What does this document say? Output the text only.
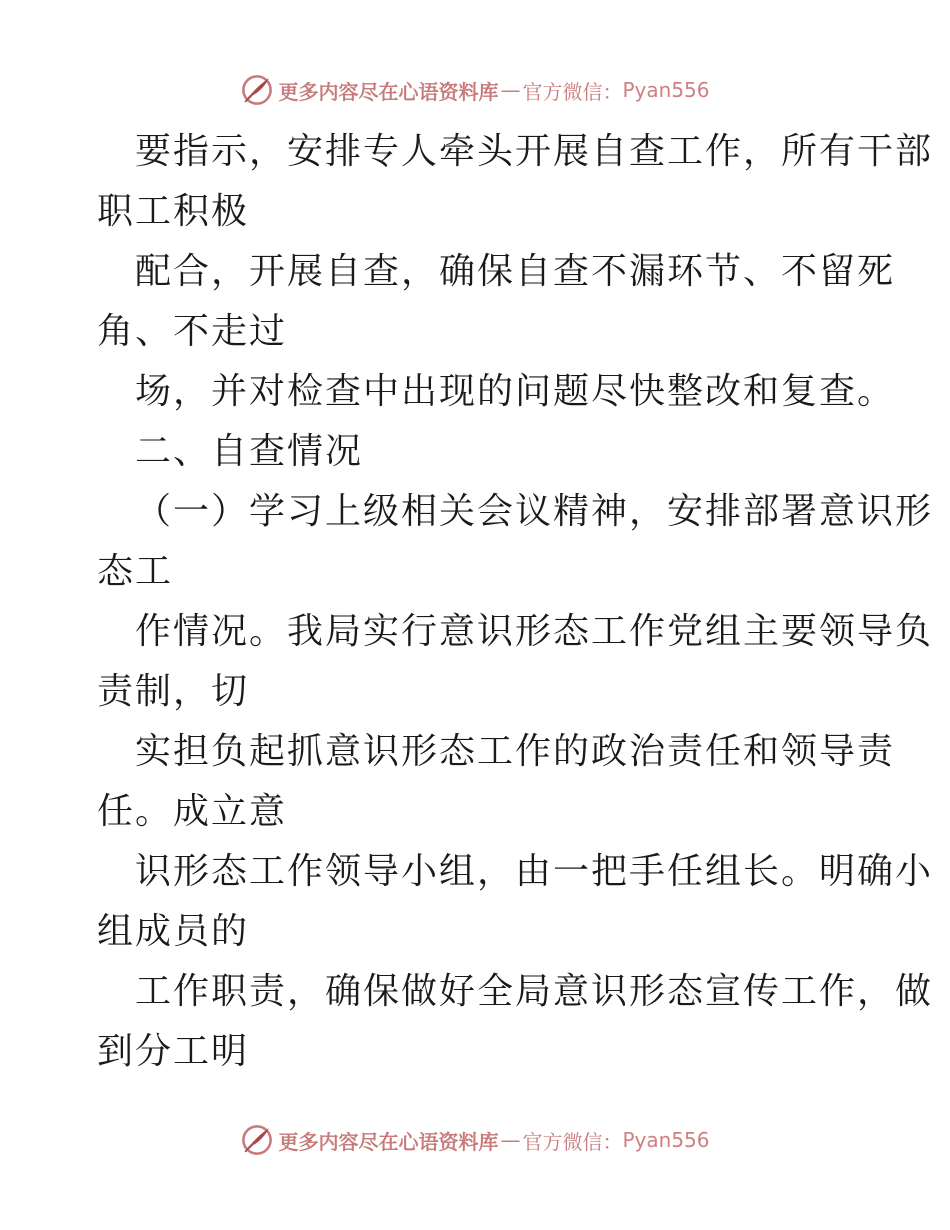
更多内容尽在心语资料库 — 官方微信： Pyan556
要指示，安排专人牵头开展自查工作，所有干部
职工积极
配合，开展自查，确保自查不漏环节、不留死
角、不走过
场，并对检查中出现的问题尽快整改和复查。
二、自查情况
（一）学习上级相关会议精神，安排部署意识形
态工
作情况。我局实行意识形态工作党组主要领导负
责制，切
实担负起抓意识形态工作的政治责任和领导责
任。成立意
识形态工作领导小组，由一把手任组长。明确小
组成员的
工作职责，确保做好全局意识形态宣传工作，做
到分工明
更多内容尽在心语资料库 — 官方微信： Pyan556
